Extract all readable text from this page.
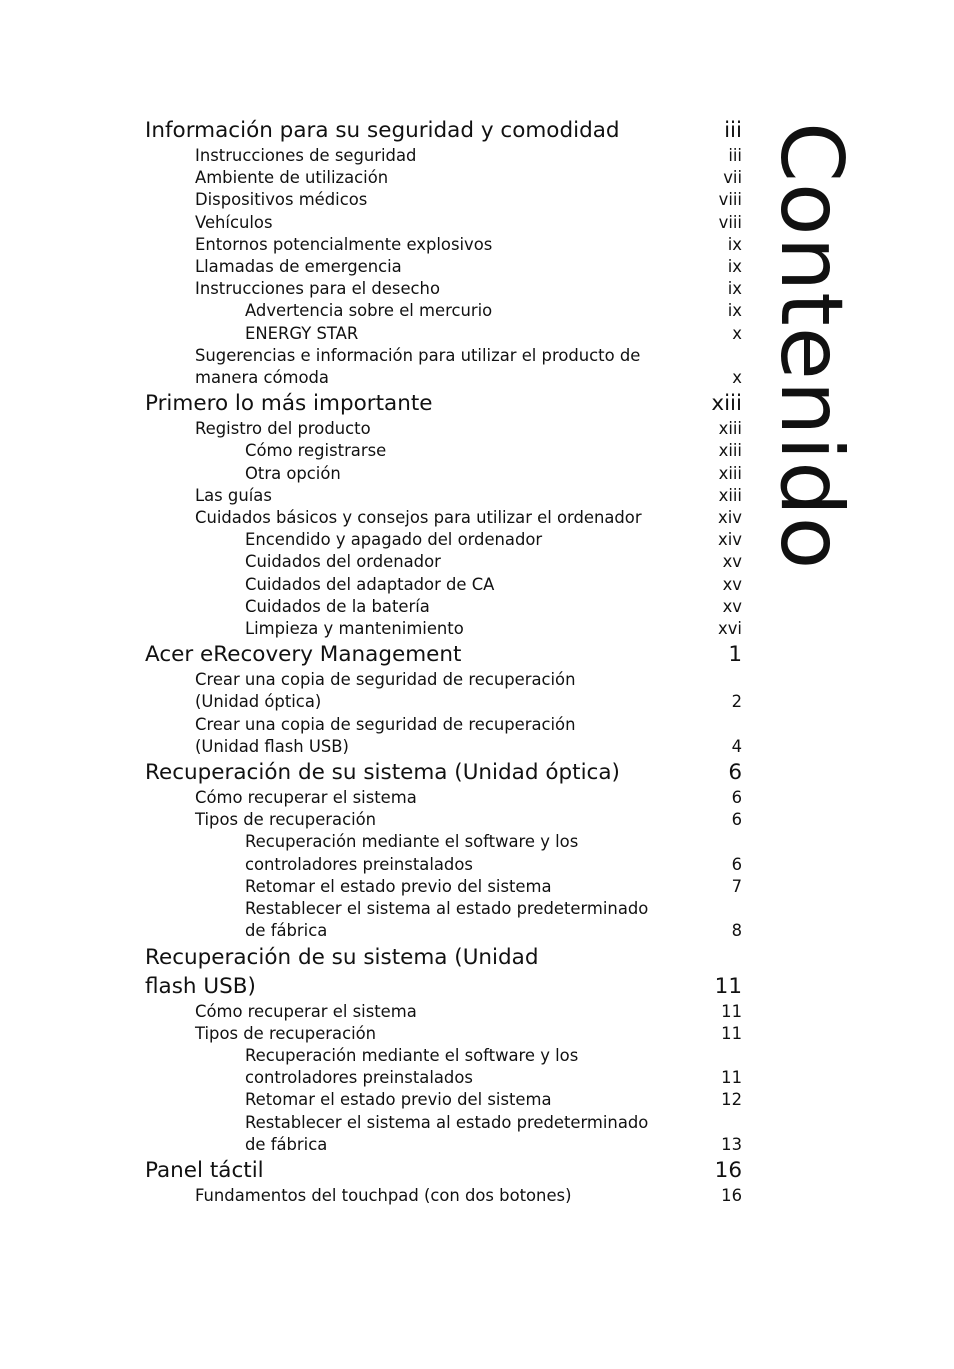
Información para su seguridad y comodidad	iii
Instrucciones de seguridad	iii
Ambiente de utilización	vii
Dispositivos médicos	viii
Vehículos	viii
Entornos potencialmente explosivos	ix
Llamadas de emergencia	ix
Instrucciones para el desecho	ix
Advertencia sobre el mercurio	ix
ENERGY STAR	x
Sugerencias e información para utilizar el producto de
manera cómoda	x
Primero lo más importante	xiii
Registro del producto	xiii
Cómo registrarse	xiii
Otra opción	xiii
Las guías	xiii
Cuidados básicos y consejos para utilizar el ordenador	xiv
Encendido y apagado del ordenador	xiv
Cuidados del ordenador	xv
Cuidados del adaptador de CA	xv
Cuidados de la batería	xv
Limpieza y mantenimiento	xvi
Acer eRecovery Management	1
Crear una copia de seguridad de recuperación
(Unidad óptica)	2
Crear una copia de seguridad de recuperación
(Unidad flash USB)	4
Recuperación de su sistema (Unidad óptica)	6
Cómo recuperar el sistema	6
Tipos de recuperación	6
Recuperación mediante el software y los
controladores preinstalados	6
Retomar el estado previo del sistema	7
Restablecer el sistema al estado predeterminado
de fábrica	8
Recuperación de su sistema (Unidad
flash USB)	11
Cómo recuperar el sistema	11
Tipos de recuperación	11
Recuperación mediante el software y los
controladores preinstalados	11
Retomar el estado previo del sistema	12
Restablecer el sistema al estado predeterminado
de fábrica	13
Panel táctil	16
Fundamentos del touchpad (con dos botones)	16
Contenido
